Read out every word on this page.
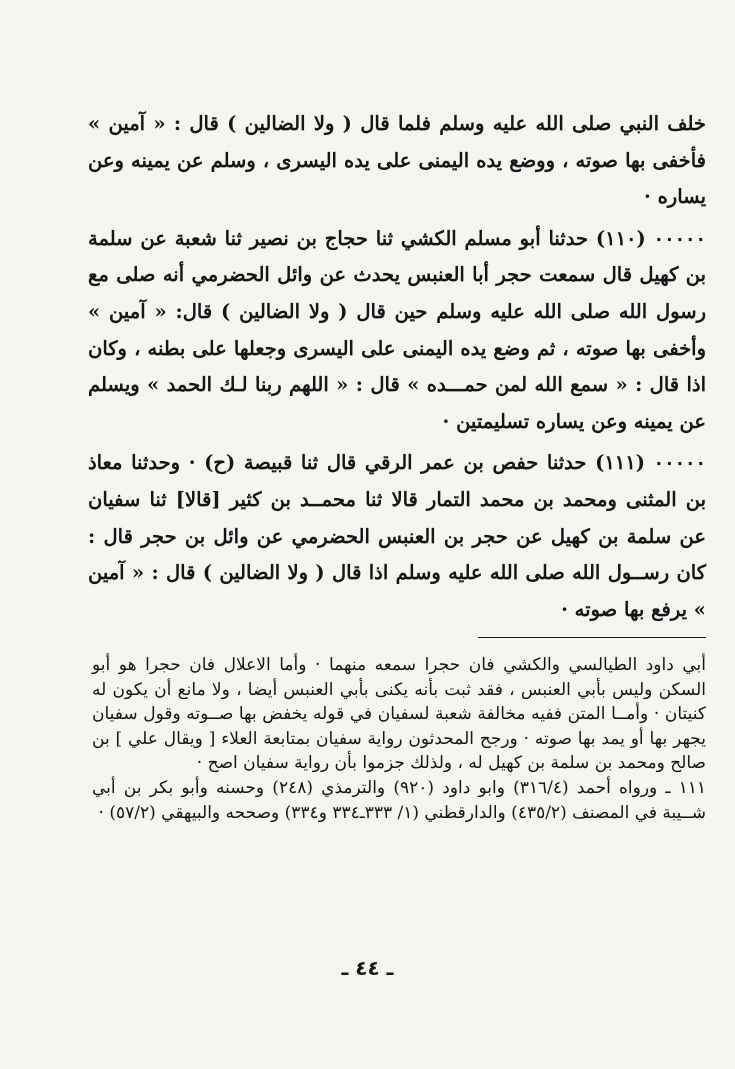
خلف النبي صلى الله عليه وسلم فلما قال ( ولا الضالين ) قال : « آمين » فأخفى بها صوته ، ووضع يده اليمنى على يده اليسرى ، وسلم عن يمينه وعن يساره ·

٠٠٠٠٠ (١١٠) حدثنا أبو مسلم الكشي ثنا حجاج بن نصير ثنا شعبة عن سلمة بن كهيل قال سمعت حجر أبا العنبس يحدث عن وائل الحضرمي أنه صلى مع رسول الله صلى الله عليه وسلم حين قال ( ولا الضالين ) قال: « آمين » وأخفى بها صوته ، ثم وضع يده اليمنى على اليسرى وجعلها على بطنه ، وكان اذا قال : « سمع الله لمن حمـــده » قال : « اللهم ربنا لـك الحمد » ويسلم عن يمينه وعن يساره تسليمتين ·

٠٠٠٠٠ (١١١) حدثنا حفص بن عمر الرقي قال ثنا قبيصة (ح) · وحدثنا معاذ بن المثنى ومحمد بن محمد التمار قالا ثنا محمــد بن كثير [قالا] ثنا سفيان عن سلمة بن كهيل عن حجر بن العنبس الحضرمي عن وائل بن حجر قال : كان رســول الله صلى الله عليه وسلم اذا قال ( ولا الضالين ) قال : « آمين » يرفع بها صوته ·

أبي داود الطيالسي والكشي فان حجرا سمعه منهما · وأما الاعلال فان حجرا هو أبو السكن وليس بأبي العنبس ، فقد ثبت بأنه يكنى بأبي العنبس أيضا ، ولا مانع أن يكون له كنيتان · وأمــا المتن ففيه مخالفة شعبة لسفيان في قوله يخفض بها صــوته وقول سفيان يجهر بها أو يمد بها صوته · ورجح المحدثون رواية سفيان بمتابعة العلاء [ ويقال علي ] بن صالح ومحمد بن سلمة بن كهيل له ، ولذلك جزموا بأن رواية سفيان اصح ·

١١١ ـ ورواه أحمد (٣١٦/٤) وابو داود (٩٢٠) والترمذي (٢٤٨) وحسنه وأبو بكر بن أبي شــيبة في المصنف (٤٣٥/٢) والدارقطني (١/ ٣٣٣ـ٣٣٤ و٣٣٤) وصححه والبيهقي (٥٧/٢) ·

ـ ٤٤ ـ
